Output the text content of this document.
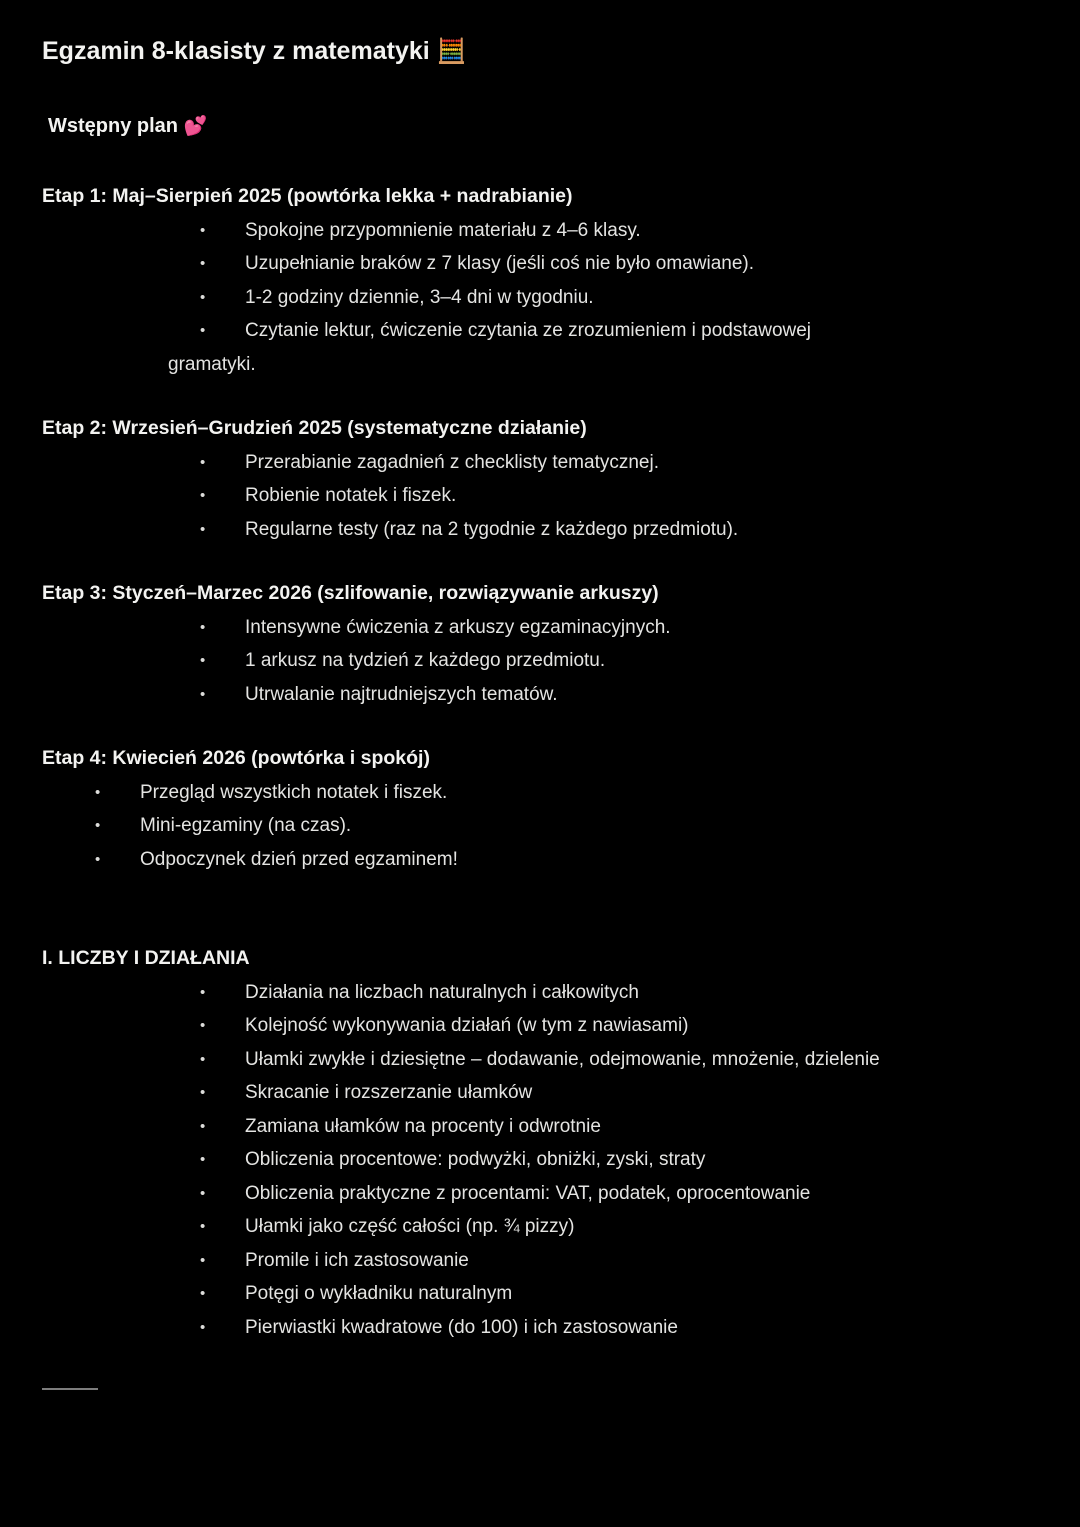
Egzamin 8-klasisty z matematyki 🧮
Wstępny plan 💕
Etap 1: Maj–Sierpień 2025 (powtórka lekka + nadrabianie)
• Spokojne przypomnienie materiału z 4–6 klasy.
• Uzupełnianie braków z 7 klasy (jeśli coś nie było omawiane).
• 1-2 godziny dziennie, 3–4 dni w tygodniu.
• Czytanie lektur, ćwiczenie czytania ze zrozumieniem i podstawowej
gramatyki.
Etap 2: Wrzesień–Grudzień 2025 (systematyczne działanie)
• Przerabianie zagadnień z checklisty tematycznej.
• Robienie notatek i fiszek.
• Regularne testy (raz na 2 tygodnie z każdego przedmiotu).
Etap 3: Styczeń–Marzec 2026 (szlifowanie, rozwiązywanie arkuszy)
• Intensywne ćwiczenia z arkuszy egzaminacyjnych.
• 1 arkusz na tydzień z każdego przedmiotu.
• Utrwalanie najtrudniejszych tematów.
Etap 4: Kwiecień 2026 (powtórka i spokój)
• Przegląd wszystkich notatek i fiszek.
• Mini-egzaminy (na czas).
• Odpoczynek dzień przed egzaminem!
I. LICZBY I DZIAŁANIA
• Działania na liczbach naturalnych i całkowitych
• Kolejność wykonywania działań (w tym z nawiasami)
• Ułamki zwykłe i dziesiętne – dodawanie, odejmowanie, mnożenie, dzielenie
• Skracanie i rozszerzanie ułamków
• Zamiana ułamków na procenty i odwrotnie
• Obliczenia procentowe: podwyżki, obniżki, zyski, straty
• Obliczenia praktyczne z procentami: VAT, podatek, oprocentowanie
• Ułamki jako część całości (np. ¾ pizzy)
• Promile i ich zastosowanie
• Potęgi o wykładniku naturalnym
• Pierwiastki kwadratowe (do 100) i ich zastosowanie
